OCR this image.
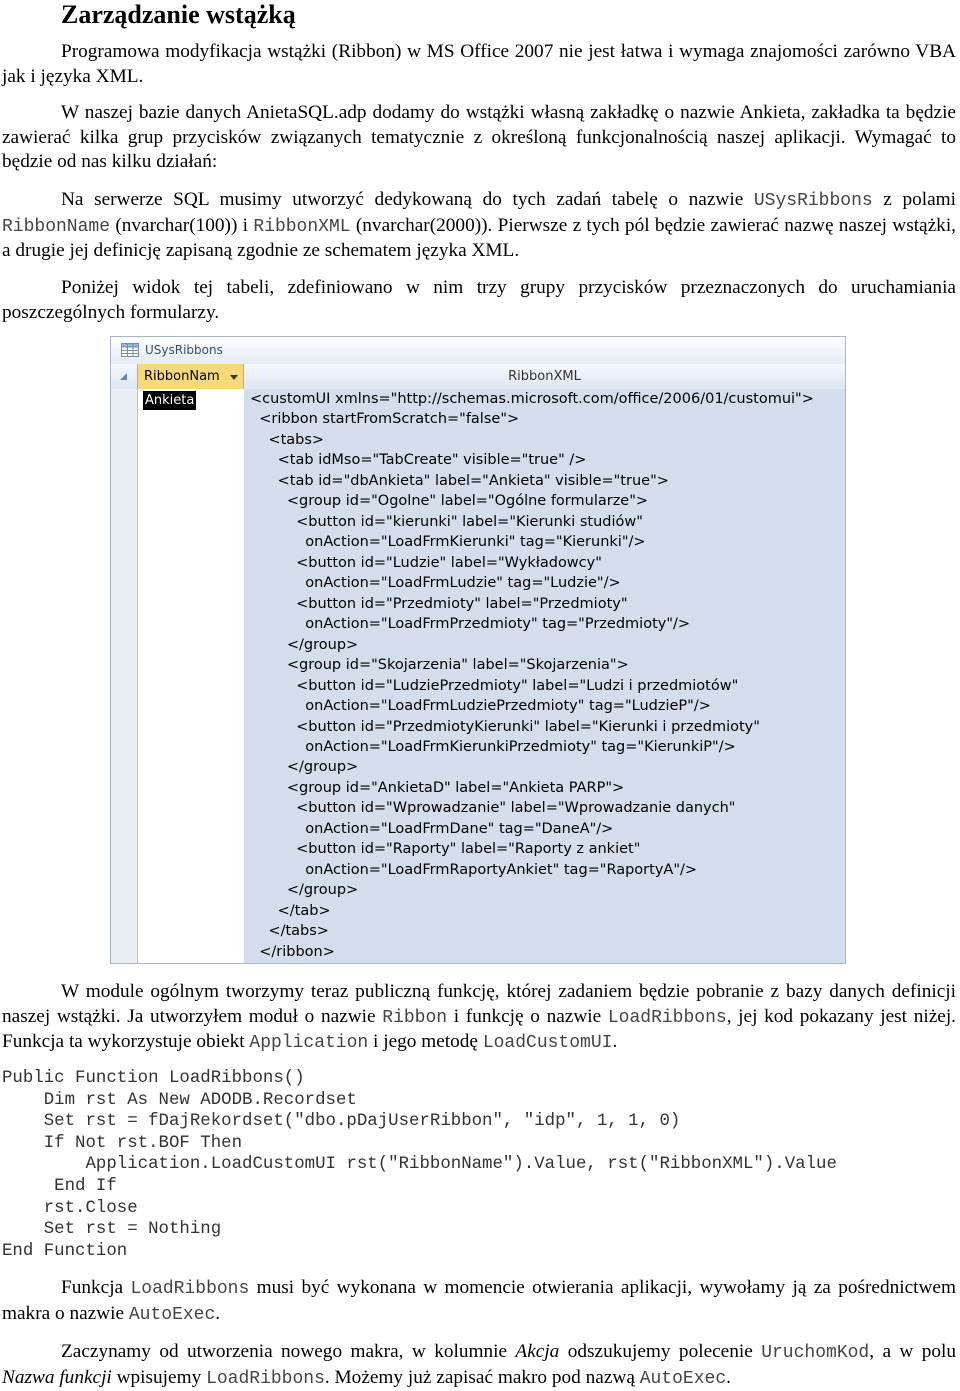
Zarządzanie wstążką

Programowa modyfikacja wstążki (Ribbon) w MS Office 2007 nie jest łatwa i wymaga znajomości zarówno VBA jak i języka XML.

W naszej bazie danych AnietaSQL.adp dodamy do wstążki własną zakładkę o nazwie Ankieta, zakładka ta będzie zawierać kilka grup przycisków związanych tematycznie z określoną funkcjonalnością naszej aplikacji. Wymagać to będzie od nas kilku działań:

Na serwerze SQL musimy utworzyć dedykowaną do tych zadań tabelę o nazwie USysRibbons z polami RibbonName (nvarchar(100)) i RibbonXML (nvarchar(2000)). Pierwsze z tych pól będzie zawierać nazwę naszej wstążki, a drugie jej definicję zapisaną zgodnie ze schematem języka XML.

Poniżej widok tej tabeli, zdefiniowano w nim trzy grupy przycisków przeznaczonych do uruchamiania poszczególnych formularzy.

USysRibbons
RibbonNam	RibbonXML
Ankieta	<customUI xmlns="http://schemas.microsoft.com/office/2006/01/customui">
<ribbon startFromScratch="false">
<tabs>
<tab idMso="TabCreate" visible="true" />
<tab id="dbAnkieta" label="Ankieta" visible="true">
<group id="Ogolne" label="Ogólne formularze">
<button id="kierunki" label="Kierunki studiów"
onAction="LoadFrmKierunki" tag="Kierunki"/>
<button id="Ludzie" label="Wykładowcy"
onAction="LoadFrmLudzie" tag="Ludzie"/>
<button id="Przedmioty" label="Przedmioty"
onAction="LoadFrmPrzedmioty" tag="Przedmioty"/>
</group>
<group id="Skojarzenia" label="Skojarzenia">
<button id="LudziePrzedmioty" label="Ludzi i przedmiotów"
onAction="LoadFrmLudziePrzedmioty" tag="LudzieP"/>
<button id="PrzedmiotyKierunki" label="Kierunki i przedmioty"
onAction="LoadFrmKierunkiPrzedmioty" tag="KierunkiP"/>
</group>
<group id="AnkietaD" label="Ankieta PARP">
<button id="Wprowadzanie" label="Wprowadzanie danych"
onAction="LoadFrmDane" tag="DaneA"/>
<button id="Raporty" label="Raporty z ankiet"
onAction="LoadFrmRaportyAnkiet" tag="RaportyA"/>
</group>
</tab>
</tabs>
</ribbon>

W module ogólnym tworzymy teraz publiczną funkcję, której zadaniem będzie pobranie z bazy danych definicji naszej wstążki. Ja utworzyłem moduł o nazwie Ribbon i funkcję o nazwie LoadRibbons, jej kod pokazany jest niżej. Funkcja ta wykorzystuje obiekt Application i jego metodę LoadCustomUI.

Public Function LoadRibbons()
Dim rst As New ADODB.Recordset
Set rst = fDajRekordset("dbo.pDajUserRibbon", "idp", 1, 1, 0)
If Not rst.BOF Then
Application.LoadCustomUI rst("RibbonName").Value, rst("RibbonXML").Value
End If
rst.Close
Set rst = Nothing
End Function

Funkcja LoadRibbons musi być wykonana w momencie otwierania aplikacji, wywołamy ją za pośrednictwem makra o nazwie AutoExec.

Zaczynamy od utworzenia nowego makra, w kolumnie Akcja odszukujemy polecenie UruchomKod, a w polu Nazwa funkcji wpisujemy LoadRibbons. Możemy już zapisać makro pod nazwą AutoExec.
